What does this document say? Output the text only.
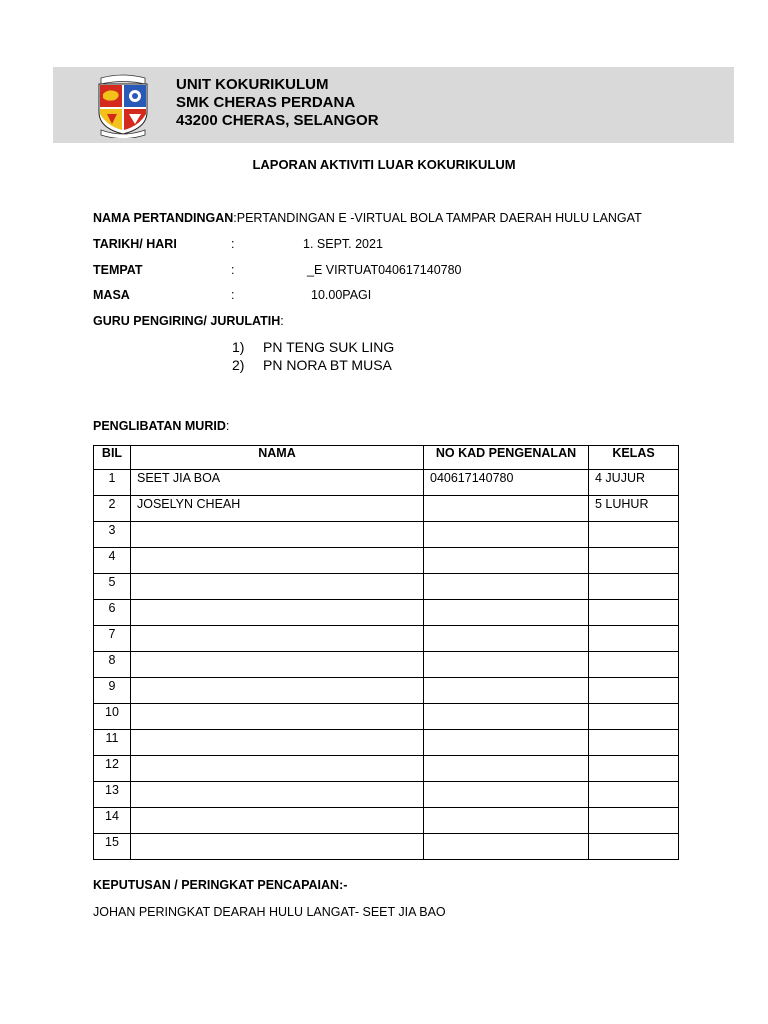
UNIT KOKURIKULUM
SMK CHERAS PERDANA
43200 CHERAS, SELANGOR
LAPORAN AKTIVITI LUAR KOKURIKULUM
NAMA PERTANDINGAN:PERTANDINGAN E -VIRTUAL BOLA TAMPAR DAERAH HULU LANGAT
TARIKH/ HARI	:	1. SEPT. 2021
TEMPAT	:	_E VIRTUAT040617140780
MASA	:	10.00PAGI
GURU PENGIRING/ JURULATIH:
1) PN TENG SUK LING
2) PN NORA BT MUSA
PENGLIBATAN MURID:
BIL	NAMA	NO KAD PENGENALAN	KELAS
1	SEET JIA BOA	040617140780	4 JUJUR
2	JOSELYN CHEAH		5 LUHUR
3			
4			
5			
6			
7			
8			
9			
10			
11			
12			
13			
14			
15			
KEPUTUSAN / PERINGKAT PENCAPAIAN:-
JOHAN PERINGKAT DEARAH HULU LANGAT- SEET JIA BAO
